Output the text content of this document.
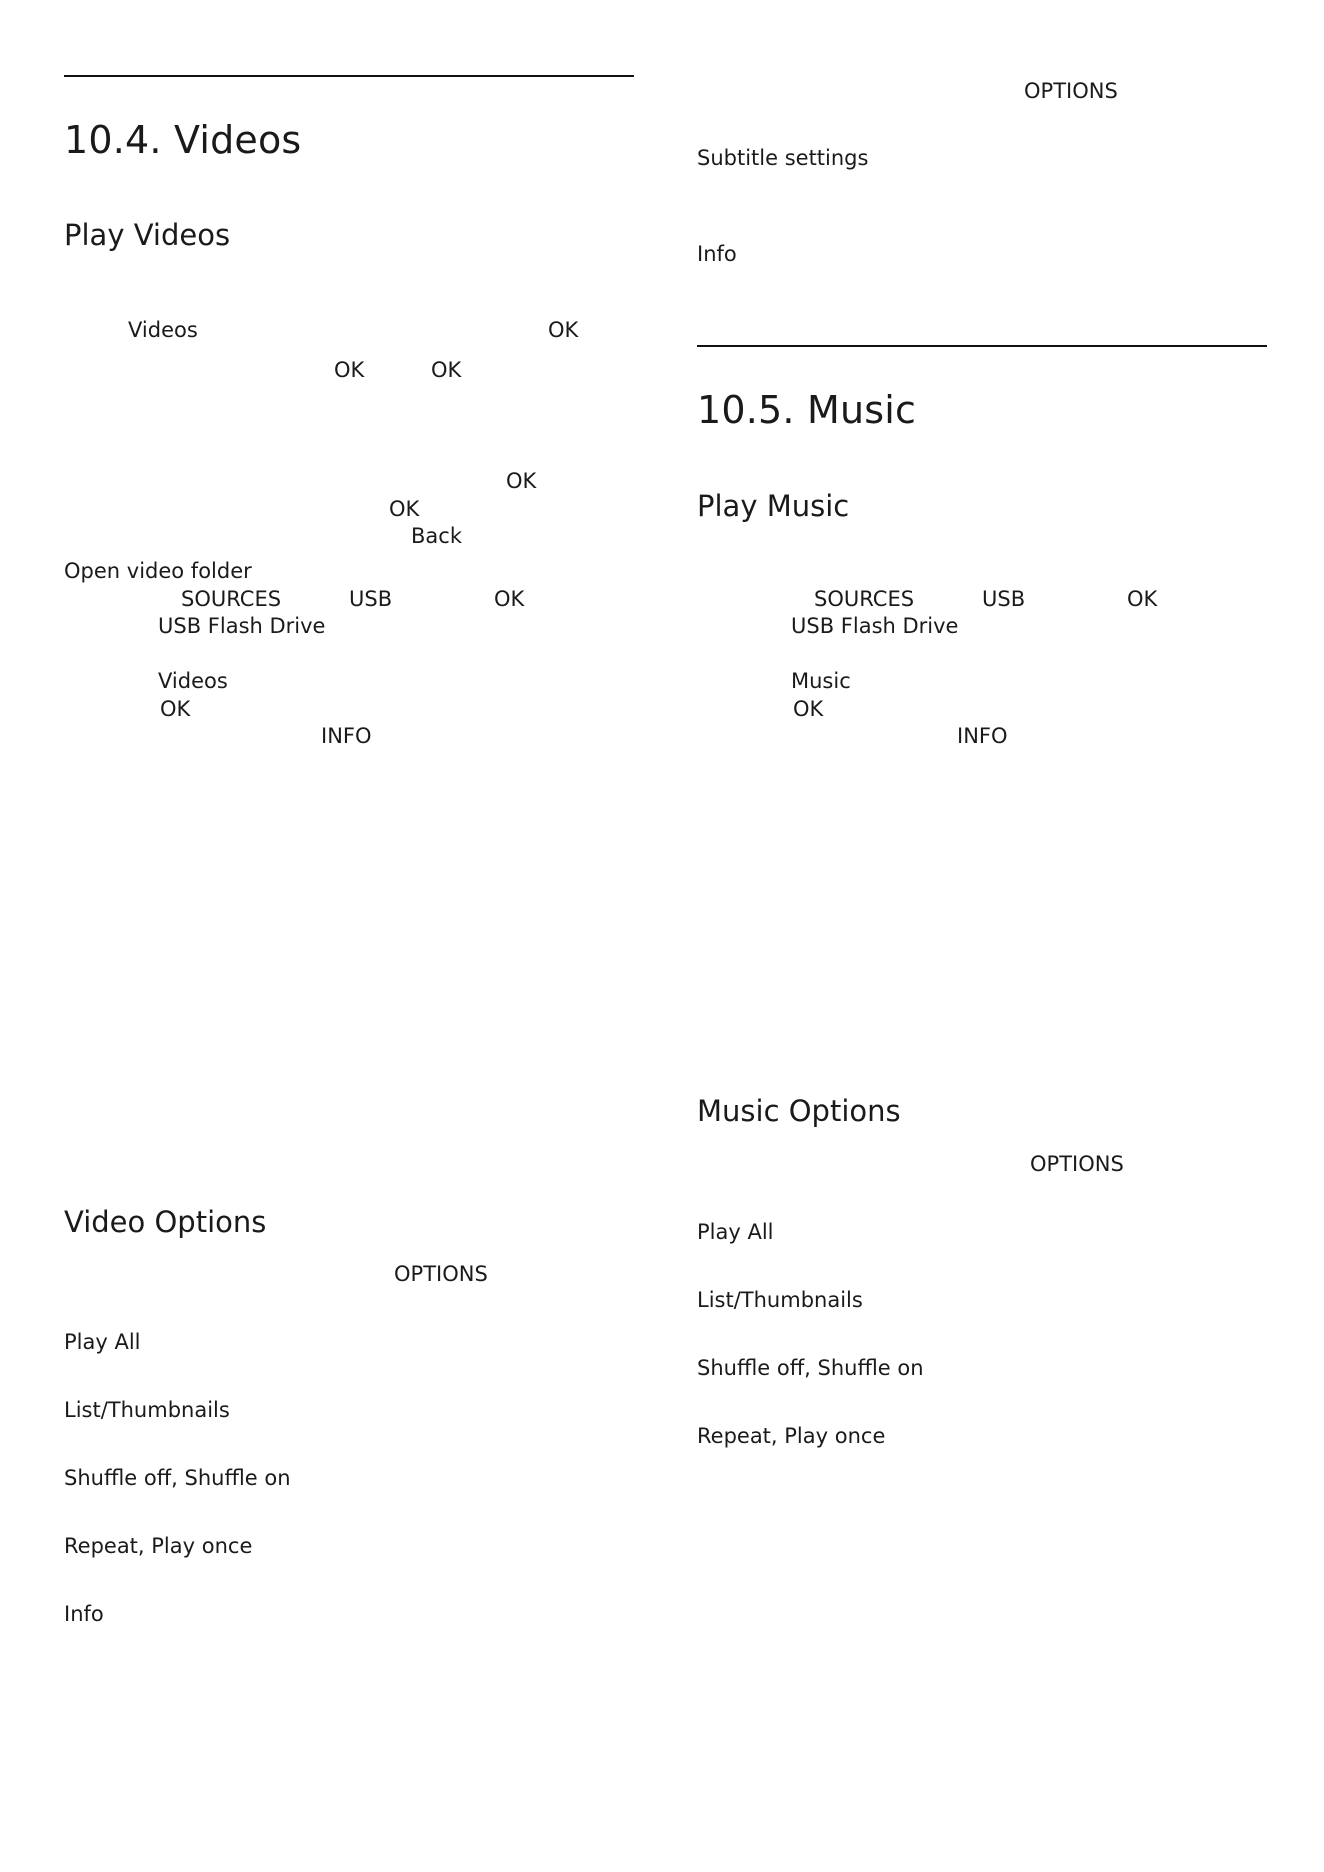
10.4. Videos
Play Videos
Videos	OK
OK	OK
OK
OK
Back
Open video folder
SOURCES	USB	OK
USB Flash Drive
Videos
OK
INFO
Video Options
OPTIONS
Play All
List/Thumbnails
Shuffle off, Shuffle on
Repeat, Play once
Info
OPTIONS
Subtitle settings
Info
10.5. Music
Play Music
SOURCES	USB	OK
USB Flash Drive
Music
OK
INFO
Music Options
OPTIONS
Play All
List/Thumbnails
Shuffle off, Shuffle on
Repeat, Play once
